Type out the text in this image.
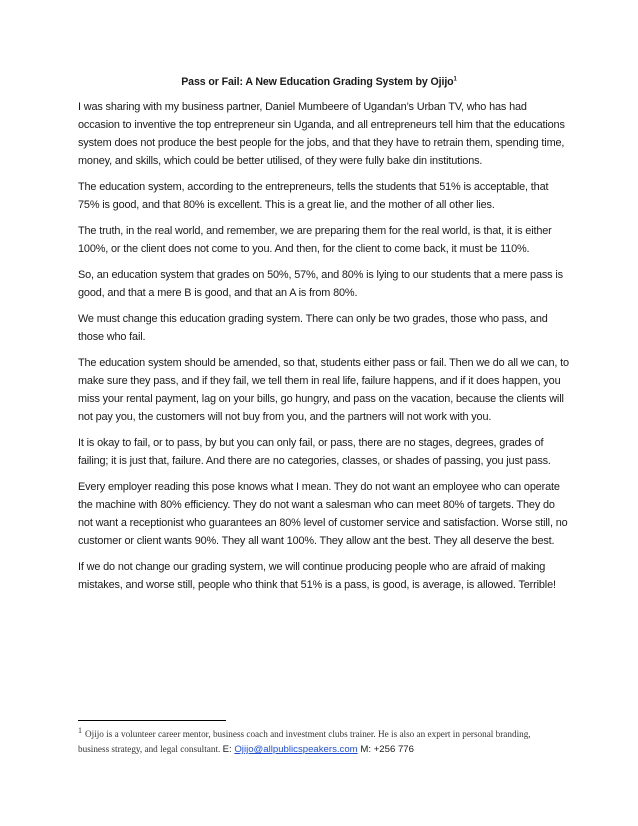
Pass or Fail: A New Education Grading System by Ojijo$^1$

I was sharing with my business partner, Daniel Mumbeere of Ugandan’s Urban TV, who has had occasion to inventive the top entrepreneur sin Uganda, and all entrepreneurs tell him that the educations system does not produce the best people for the jobs, and that they have to retrain them, spending time, money, and skills, which could be better utilised, of they were fully bake din institutions.

The education system, according to the entrepreneurs, tells the students that 51% is acceptable, that 75% is good, and that 80% is excellent. This is a great lie, and the mother of all other lies.

The truth, in the real world, and remember, we are preparing them for the real world, is that, it is either 100%, or the client does not come to you. And then, for the client to come back, it must be 110%.

So, an education system that grades on 50%, 57%, and 80% is lying to our students that a mere pass is good, and that a mere B is good, and that an A is from 80%.

We must change this education grading system. There can only be two grades, those who pass, and those who fail.

The education system should be amended, so that, students either pass or fail. Then we do all we can, to make sure they pass, and if they fail, we tell them in real life, failure happens, and if it does happen, you miss your rental payment, lag on your bills, go hungry, and pass on the vacation, because the clients will not pay you, the customers will not buy from you, and the partners will not work with you.

It is okay to fail, or to pass, by but you can only fail, or pass, there are no stages, degrees, grades of failing; it is just that, failure. And there are no categories, classes, or shades of passing, you just pass.

Every employer reading this pose knows what I mean. They do not want an employee who can operate the machine with 80% efficiency. They do not want a salesman who can meet 80% of targets. They do not want a receptionist who guarantees an 80% level of customer service and satisfaction. Worse still, no customer or client wants 90%. They all want 100%. They allow ant the best. They all deserve the best.

If we do not change our grading system, we will continue producing people who are afraid of making mistakes, and worse still, people who think that 51% is a pass, is good, is average, is allowed. Terrible!

1 Ojijo is a volunteer career mentor, business coach and investment clubs trainer. He is also an expert in personal branding, business strategy, and legal consultant. E: Ojijo@allpublicspeakers.com M: +256 776
